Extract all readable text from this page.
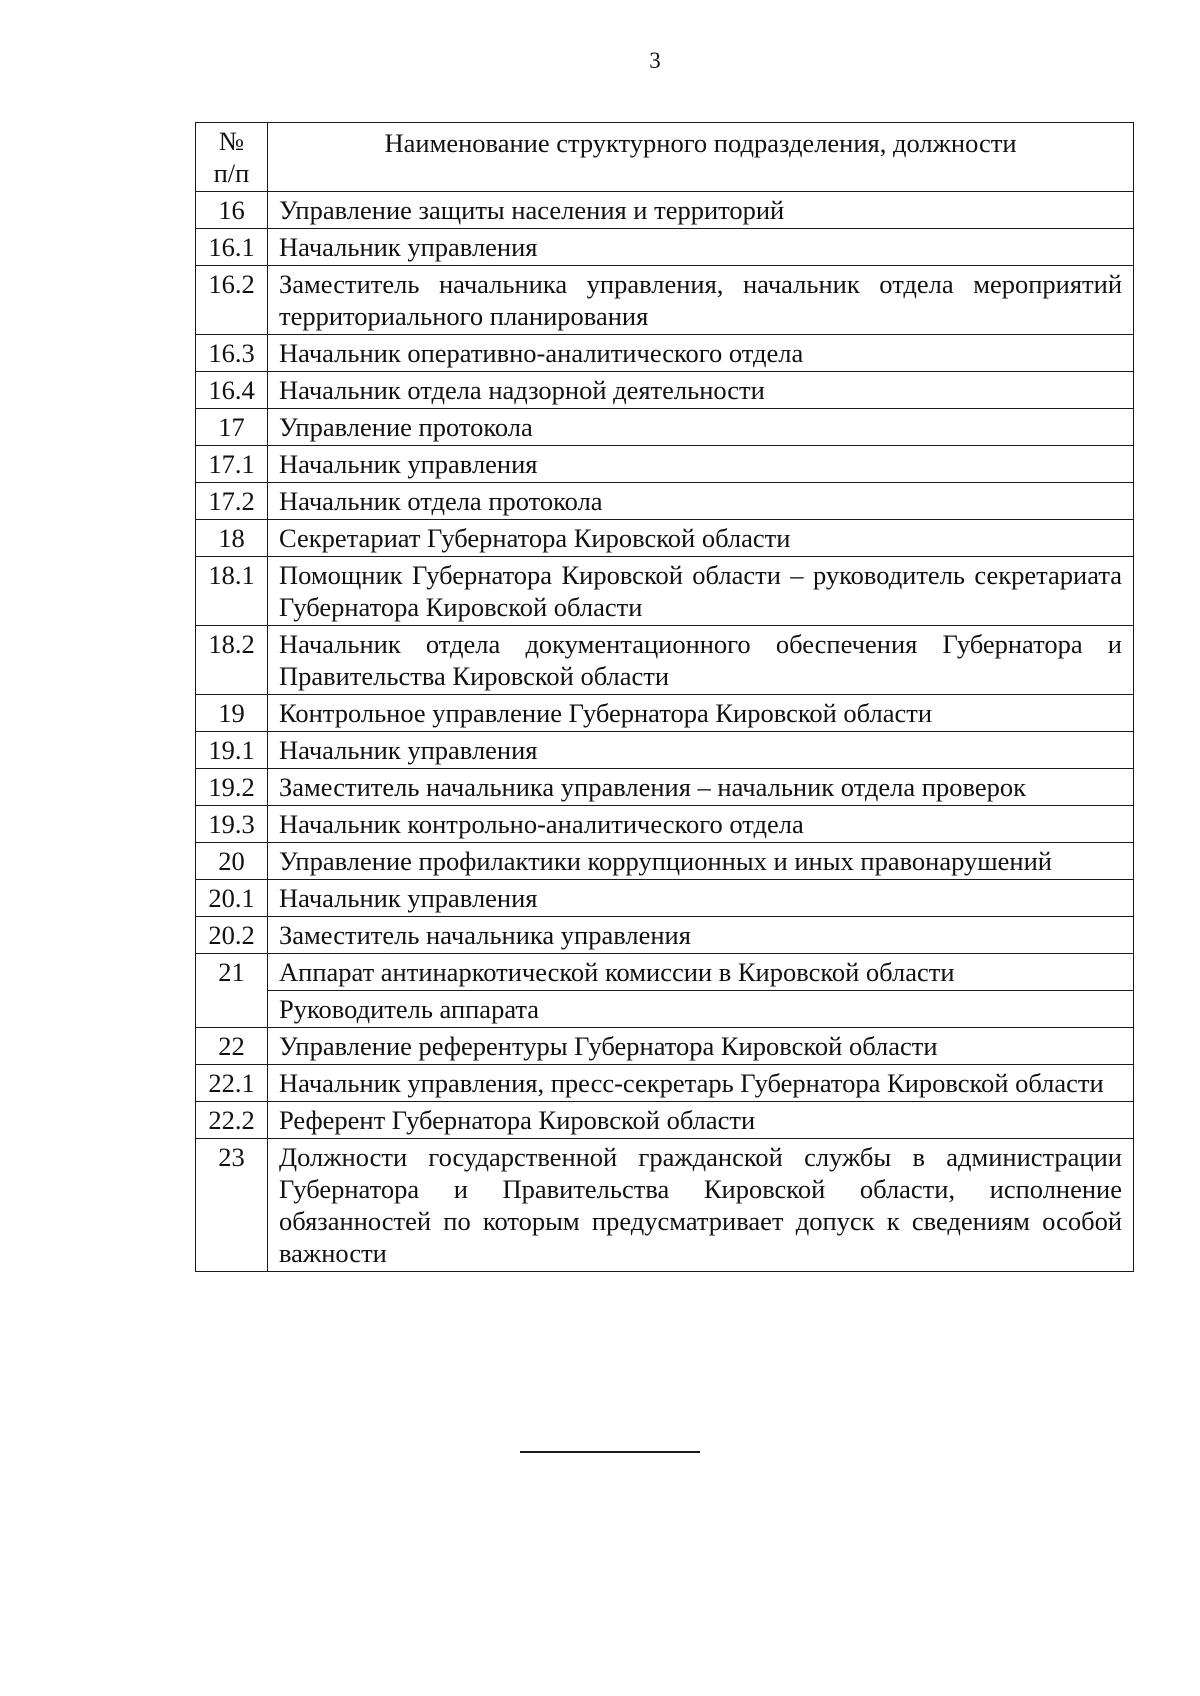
3
№
п/п	Наименование структурного подразделения, должности
16	Управление защиты населения и территорий
16.1	Начальник управления
16.2	Заместитель начальника управления, начальник отдела мероприятий территориального планирования
16.3	Начальник оперативно-аналитического отдела
16.4	Начальник отдела надзорной деятельности
17	Управление протокола
17.1	Начальник управления
17.2	Начальник отдела протокола
18	Секретариат Губернатора Кировской области
18.1	Помощник Губернатора Кировской области – руководитель секретариата Губернатора Кировской области
18.2	Начальник отдела документационного обеспечения Губернатора и Правительства Кировской области
19	Контрольное управление Губернатора Кировской области
19.1	Начальник управления
19.2	Заместитель начальника управления – начальник отдела проверок
19.3	Начальник контрольно-аналитического отдела
20	Управление профилактики коррупционных и иных правонарушений
20.1	Начальник управления
20.2	Заместитель начальника управления
21	Аппарат антинаркотической комиссии в Кировской области
	Руководитель аппарата
22	Управление референтуры Губернатора Кировской области
22.1	Начальник управления, пресс-секретарь Губернатора Кировской области
22.2	Референт Губернатора Кировской области
23	Должности государственной гражданской службы в администрации Губернатора и Правительства Кировской области, исполнение обязанностей по которым предусматривает допуск к сведениям особой важности
